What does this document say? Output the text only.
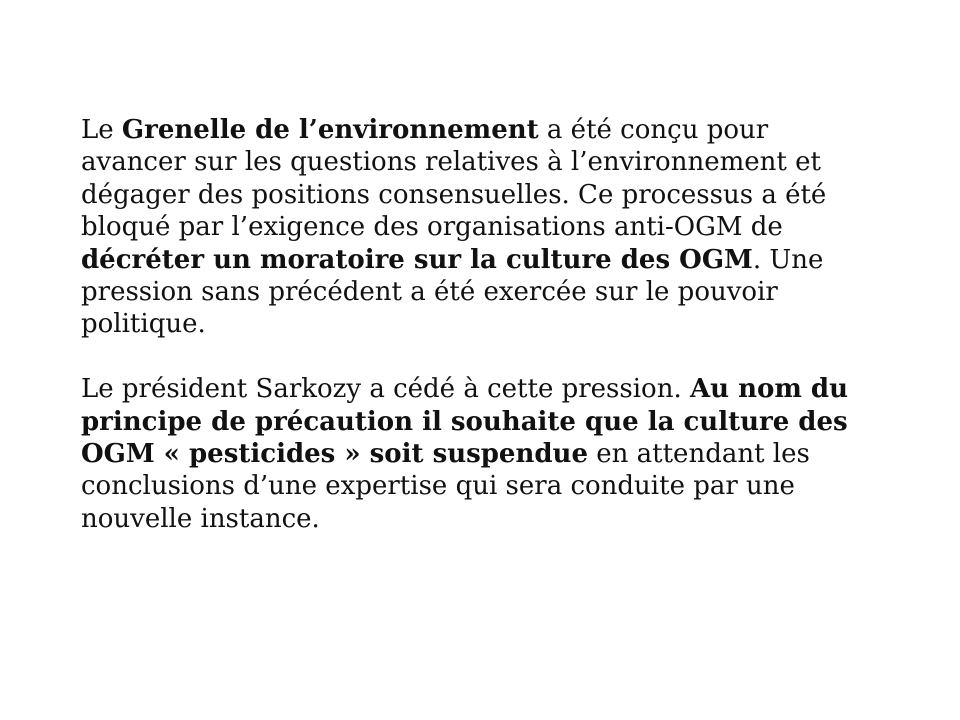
Le Grenelle de l’environnement a été conçu pour avancer sur les questions relatives à l’environnement et dégager des positions consensuelles. Ce processus a été bloqué par l’exigence des organisations anti-OGM de décréter un moratoire sur la culture des OGM. Une pression sans précédent a été exercée sur le pouvoir politique.

Le président Sarkozy a cédé à cette pression. Au nom du principe de précaution il souhaite que la culture des OGM « pesticides » soit suspendue en attendant les conclusions d’une expertise qui sera conduite par une nouvelle instance.
